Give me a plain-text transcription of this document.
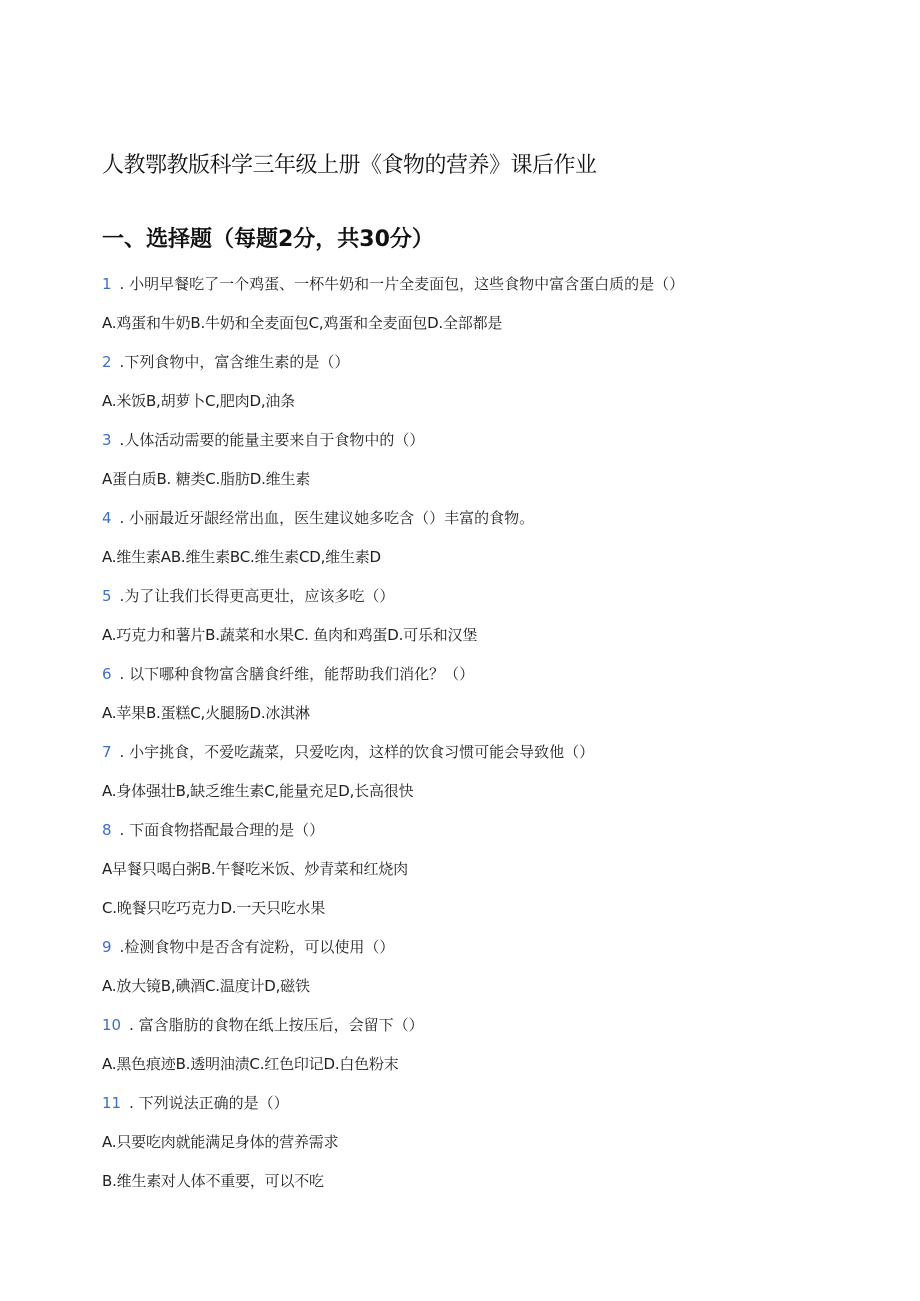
人教鄂教版科学三年级上册《食物的营养》课后作业
一、选择题（每题2分，共30分）
1 . 小明早餐吃了一个鸡蛋、一杯牛奶和一片全麦面包，这些食物中富含蛋白质的是（）
A.鸡蛋和牛奶B.牛奶和全麦面包C,鸡蛋和全麦面包D.全部都是
2 .下列食物中，富含维生素的是（）
A.米饭B,胡萝卜C,肥肉D,油条
3 .人体活动需要的能量主要来自于食物中的（）
A蛋白质B. 糖类C.脂肪D.维生素
4 . 小丽最近牙龈经常出血，医生建议她多吃含（）丰富的食物。
A.维生素AB.维生素BC.维生素CD,维生素D
5 .为了让我们长得更高更壮，应该多吃（）
A.巧克力和薯片B.蔬菜和水果C. 鱼肉和鸡蛋D.可乐和汉堡
6 . 以下哪种食物富含膳食纤维，能帮助我们消化？（）
A.苹果B.蛋糕C,火腿肠D.冰淇淋
7 . 小宇挑食，不爱吃蔬菜，只爱吃肉，这样的饮食习惯可能会导致他（）
A.身体强壮B,缺乏维生素C,能量充足D,长高很快
8 . 下面食物搭配最合理的是（）
A早餐只喝白粥B.午餐吃米饭、炒青菜和红烧肉
C.晚餐只吃巧克力D.一天只吃水果
9 .检测食物中是否含有淀粉，可以使用（）
A.放大镜B,碘酒C.温度计D,磁铁
10 . 富含脂肪的食物在纸上按压后，会留下（）
A.黑色痕迹B.透明油渍C.红色印记D.白色粉末
11 . 下列说法正确的是（）
A.只要吃肉就能满足身体的营养需求
B.维生素对人体不重要，可以不吃
